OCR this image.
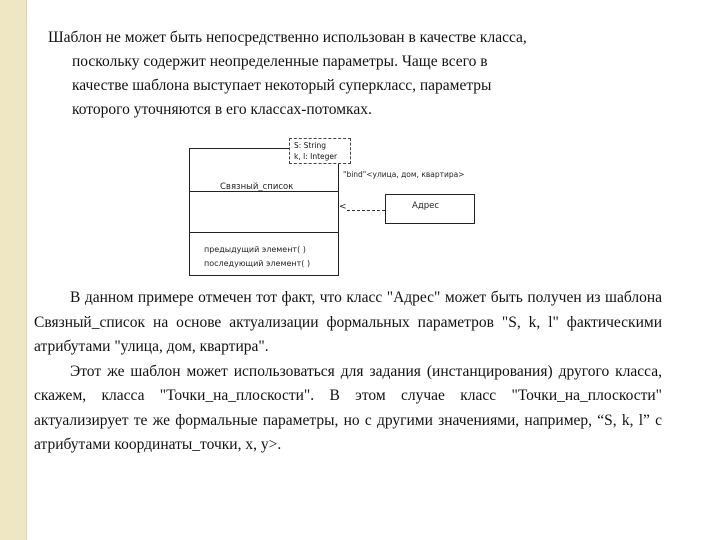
Шаблон не может быть непосредственно использован в качестве класса,
поскольку содержит неопределенные параметры. Чаще всего в
качестве шаблона выступает некоторый суперкласс, параметры
которого уточняются в его классах-потомках.
Связный_список
предыдущий элемент( )
последующий элемент( )
S: String
k, l: Integer
"bind"<улица, дом, квартира>
<	Адрес

В данном примере отмечен тот факт, что класс "Адрес" может быть получен из шаблона Связный_список на основе актуализации формальных параметров "S, k, l" фактическими атрибутами "улица, дом, квартира".

Этот же шаблон может использоваться для задания (инстанцирования) другого класса, скажем, класса "Точки_на_плоскости". В этом случае класс "Точки_на_плоскости" актуализирует те же формальные параметры, но с другими значениями, например, “S, k, l” с атрибутами координаты_точки, x, y>.
